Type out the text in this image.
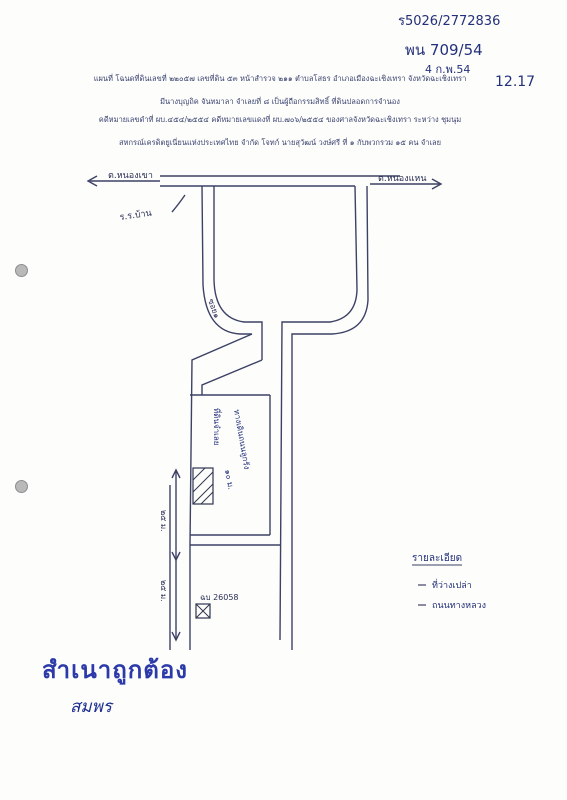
ร5026/2772836
พน 709/54
4 ก.พ.54
12.17
แผนที่ โฉนดที่ดินเลขที่ ๒๒๐๕๗ เลขที่ดิน ๕๓ หน้าสำรวจ ๒๑๑ ตำบลโสธร อำเภอเมืองฉะเชิงเทรา จังหวัดฉะเชิงเทรา
มีนางบุญถิค จันทมาลา จำเลยที่ ๘ เป็นผู้ถือกรรมสิทธิ์ ที่ดินปลอดการจำนอง
คดีหมายเลขดำที่ ผบ.๔๕๔/๒๕๕๔ คดีหมายเลขแดงที่ ผบ.๗๐๖/๒๕๕๔ ของศาลจังหวัดฉะเชิงเทรา ระหว่าง ชุมนุม
สหกรณ์เครดิตยูเนี่ยนแห่งประเทศไทย จำกัด โจทก์ นายสุวัฒน์ วงษ์ศรี ที่ ๑ กับพวกรวม ๑๕ คน จำเลย
ต.หนองเขา	ต.หนองแหน
ร.ร.บ้าน
ซอย๑
ทางเดินถนนลูกรัง
ที่ดินจำเลย
๒๕ ม.
๑๐ ม.
๒๕ ม.	ฉบ 26058
รายละเอียด
ที่ว่างเปล่า
ถนนทางหลวง
สำเนาถูกต้อง
สมพร
